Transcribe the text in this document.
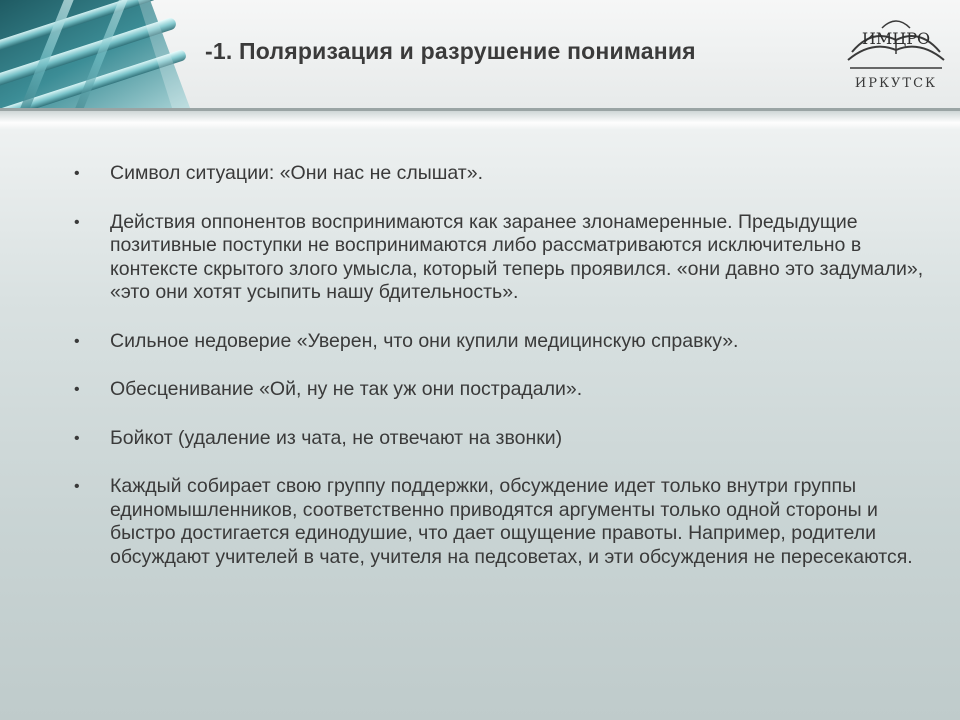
-1. Поляризация и разрушение понимания	ИМЦРО
ИРКУТСК
• Символ ситуации: «Они нас не слышат».
• Действия оппонентов воспринимаются как заранее злонамеренные. Предыдущие позитивные поступки не воспринимаются либо рассматриваются исключительно в контексте скрытого злого умысла, который теперь проявился. «они давно это задумали», «это они хотят усыпить нашу бдительность».
• Сильное недоверие «Уверен, что они купили медицинскую справку».
• Обесценивание «Ой, ну не так уж они пострадали».
• Бойкот (удаление из чата, не отвечают на звонки)
• Каждый собирает свою группу поддержки, обсуждение идет только внутри группы единомышленников, соответственно приводятся аргументы только одной стороны и быстро достигается единодушие, что дает ощущение правоты. Например, родители обсуждают учителей в чате, учителя на педсоветах, и эти обсуждения не пересекаются.
